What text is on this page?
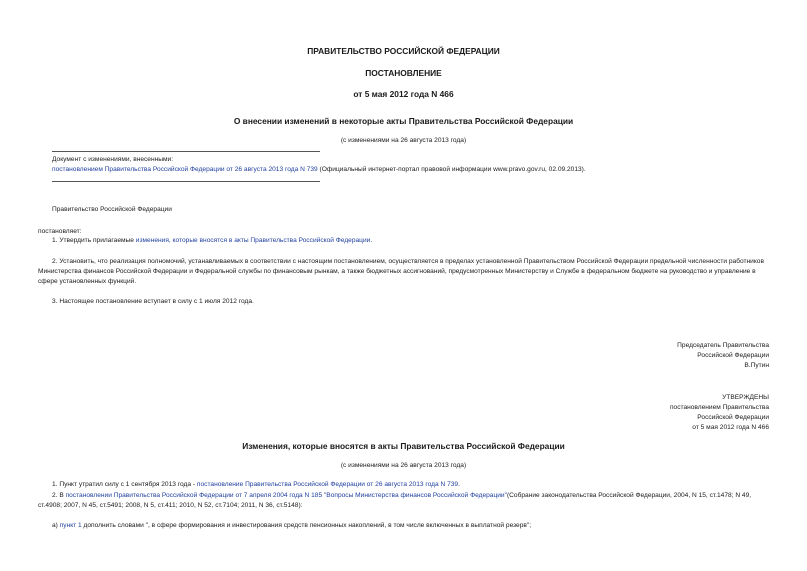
ПРАВИТЕЛЬСТВО РОССИЙСКОЙ ФЕДЕРАЦИИ
ПОСТАНОВЛЕНИЕ
от 5 мая 2012 года N 466
О внесении изменений в некоторые акты Правительства Российской Федерации
(с изменениями на 26 августа 2013 года)
Документ с изменениями, внесенными:
постановлением Правительства Российской Федерации от 26 августа 2013 года N 739 (Официальный интернет-портал правовой информации www.pravo.gov.ru, 02.09.2013).
Правительство Российской Федерации
постановляет:
1. Утвердить прилагаемые изменения, которые вносятся в акты Правительства Российской Федерации.
2. Установить, что реализация полномочий, устанавливаемых в соответствии с настоящим постановлением, осуществляется в пределах установленной Правительством Российской Федерации предельной численности работников Министерства финансов Российской Федерации и Федеральной службы по финансовым рынкам, а также бюджетных ассигнований, предусмотренных Министерству и Службе в федеральном бюджете на руководство и управление в сфере установленных функций.
3. Настоящее постановление вступает в силу с 1 июля 2012 года.
Председатель Правительства
Российской Федерации
В.Путин
УТВЕРЖДЕНЫ
постановлением Правительства
Российской Федерации
от 5 мая 2012 года N 466
Изменения, которые вносятся в акты Правительства Российской Федерации
(с изменениями на 26 августа 2013 года)
1. Пункт утратил силу с 1 сентября 2013 года - постановление Правительства Российской Федерации от 26 августа 2013 года N 739.
2. В постановлении Правительства Российской Федерации от 7 апреля 2004 года N 185 "Вопросы Министерства финансов Российской Федерации"(Собрание законодательства Российской Федерации, 2004, N 15, ст.1478; N 49, ст.4908; 2007, N 45, ст.5491; 2008, N 5, ст.411; 2010, N 52, ст.7104; 2011, N 36, ст.5148):
а) пункт 1 дополнить словами ", в сфере формирования и инвестирования средств пенсионных накоплений, в том числе включенных в выплатной резерв";
